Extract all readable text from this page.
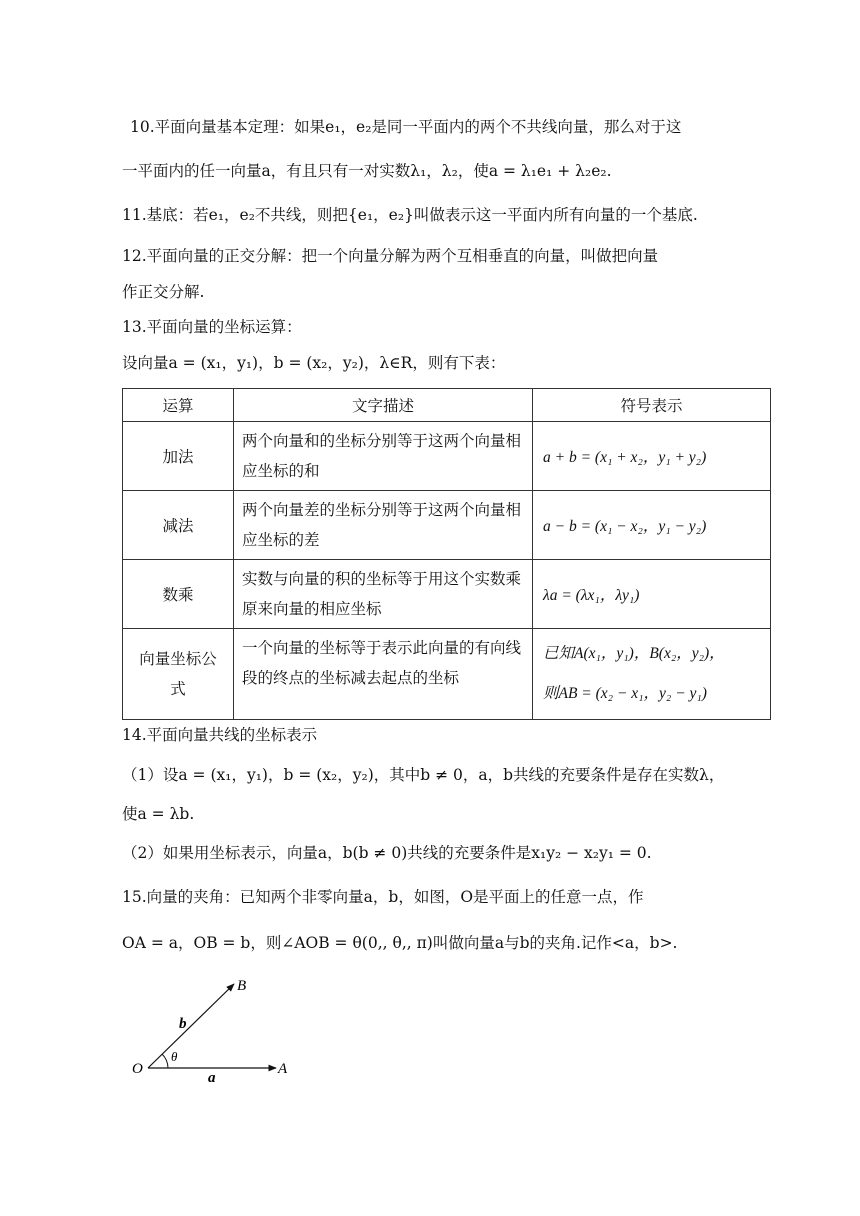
10.平面向量基本定理：如果e₁，e₂是同一平面内的两个不共线向量，那么对于这
一平面内的任一向量a，有且只有一对实数λ₁，λ₂，使a = λ₁e₁ + λ₂e₂.
11.基底：若e₁，e₂不共线，则把{e₁，e₂}叫做表示这一平面内所有向量的一个基底.
12.平面向量的正交分解：把一个向量分解为两个互相垂直的向量，叫做把向量
作正交分解.
13.平面向量的坐标运算：
设向量a = (x₁，y₁)，b = (x₂，y₂)，λ∈R，则有下表：
运算	文字描述	符号表示
加法	两个向量和的坐标分别等于这两个向量相应坐标的和	a + b = (x₁ + x₂，y₁ + y₂)
减法	两个向量差的坐标分别等于这两个向量相应坐标的差	a − b = (x₁ − x₂，y₁ − y₂)
数乘	实数与向量的积的坐标等于用这个实数乘原来向量的相应坐标	λa = (λx₁，λy₁)
向量坐标公式	一个向量的坐标等于表示此向量的有向线段的终点的坐标减去起点的坐标	已知A(x₁，y₁)，B(x₂，y₂)，
则AB = (x₂ − x₁，y₂ − y₁)
14.平面向量共线的坐标表示
（1）设a = (x₁，y₁)，b = (x₂，y₂)，其中b ≠ 0，a，b共线的充要条件是存在实数λ，
使a = λb.
（2）如果用坐标表示，向量a，b(b ≠ 0)共线的充要条件是x₁y₂ − x₂y₁ = 0.
15.向量的夹角：已知两个非零向量a，b，如图，O是平面上的任意一点，作
OA = a，OB = b，则∠AOB = θ(0,, θ,, π)叫做向量a与b的夹角.记作<a，b>.
O	A
B
a
b
θ
